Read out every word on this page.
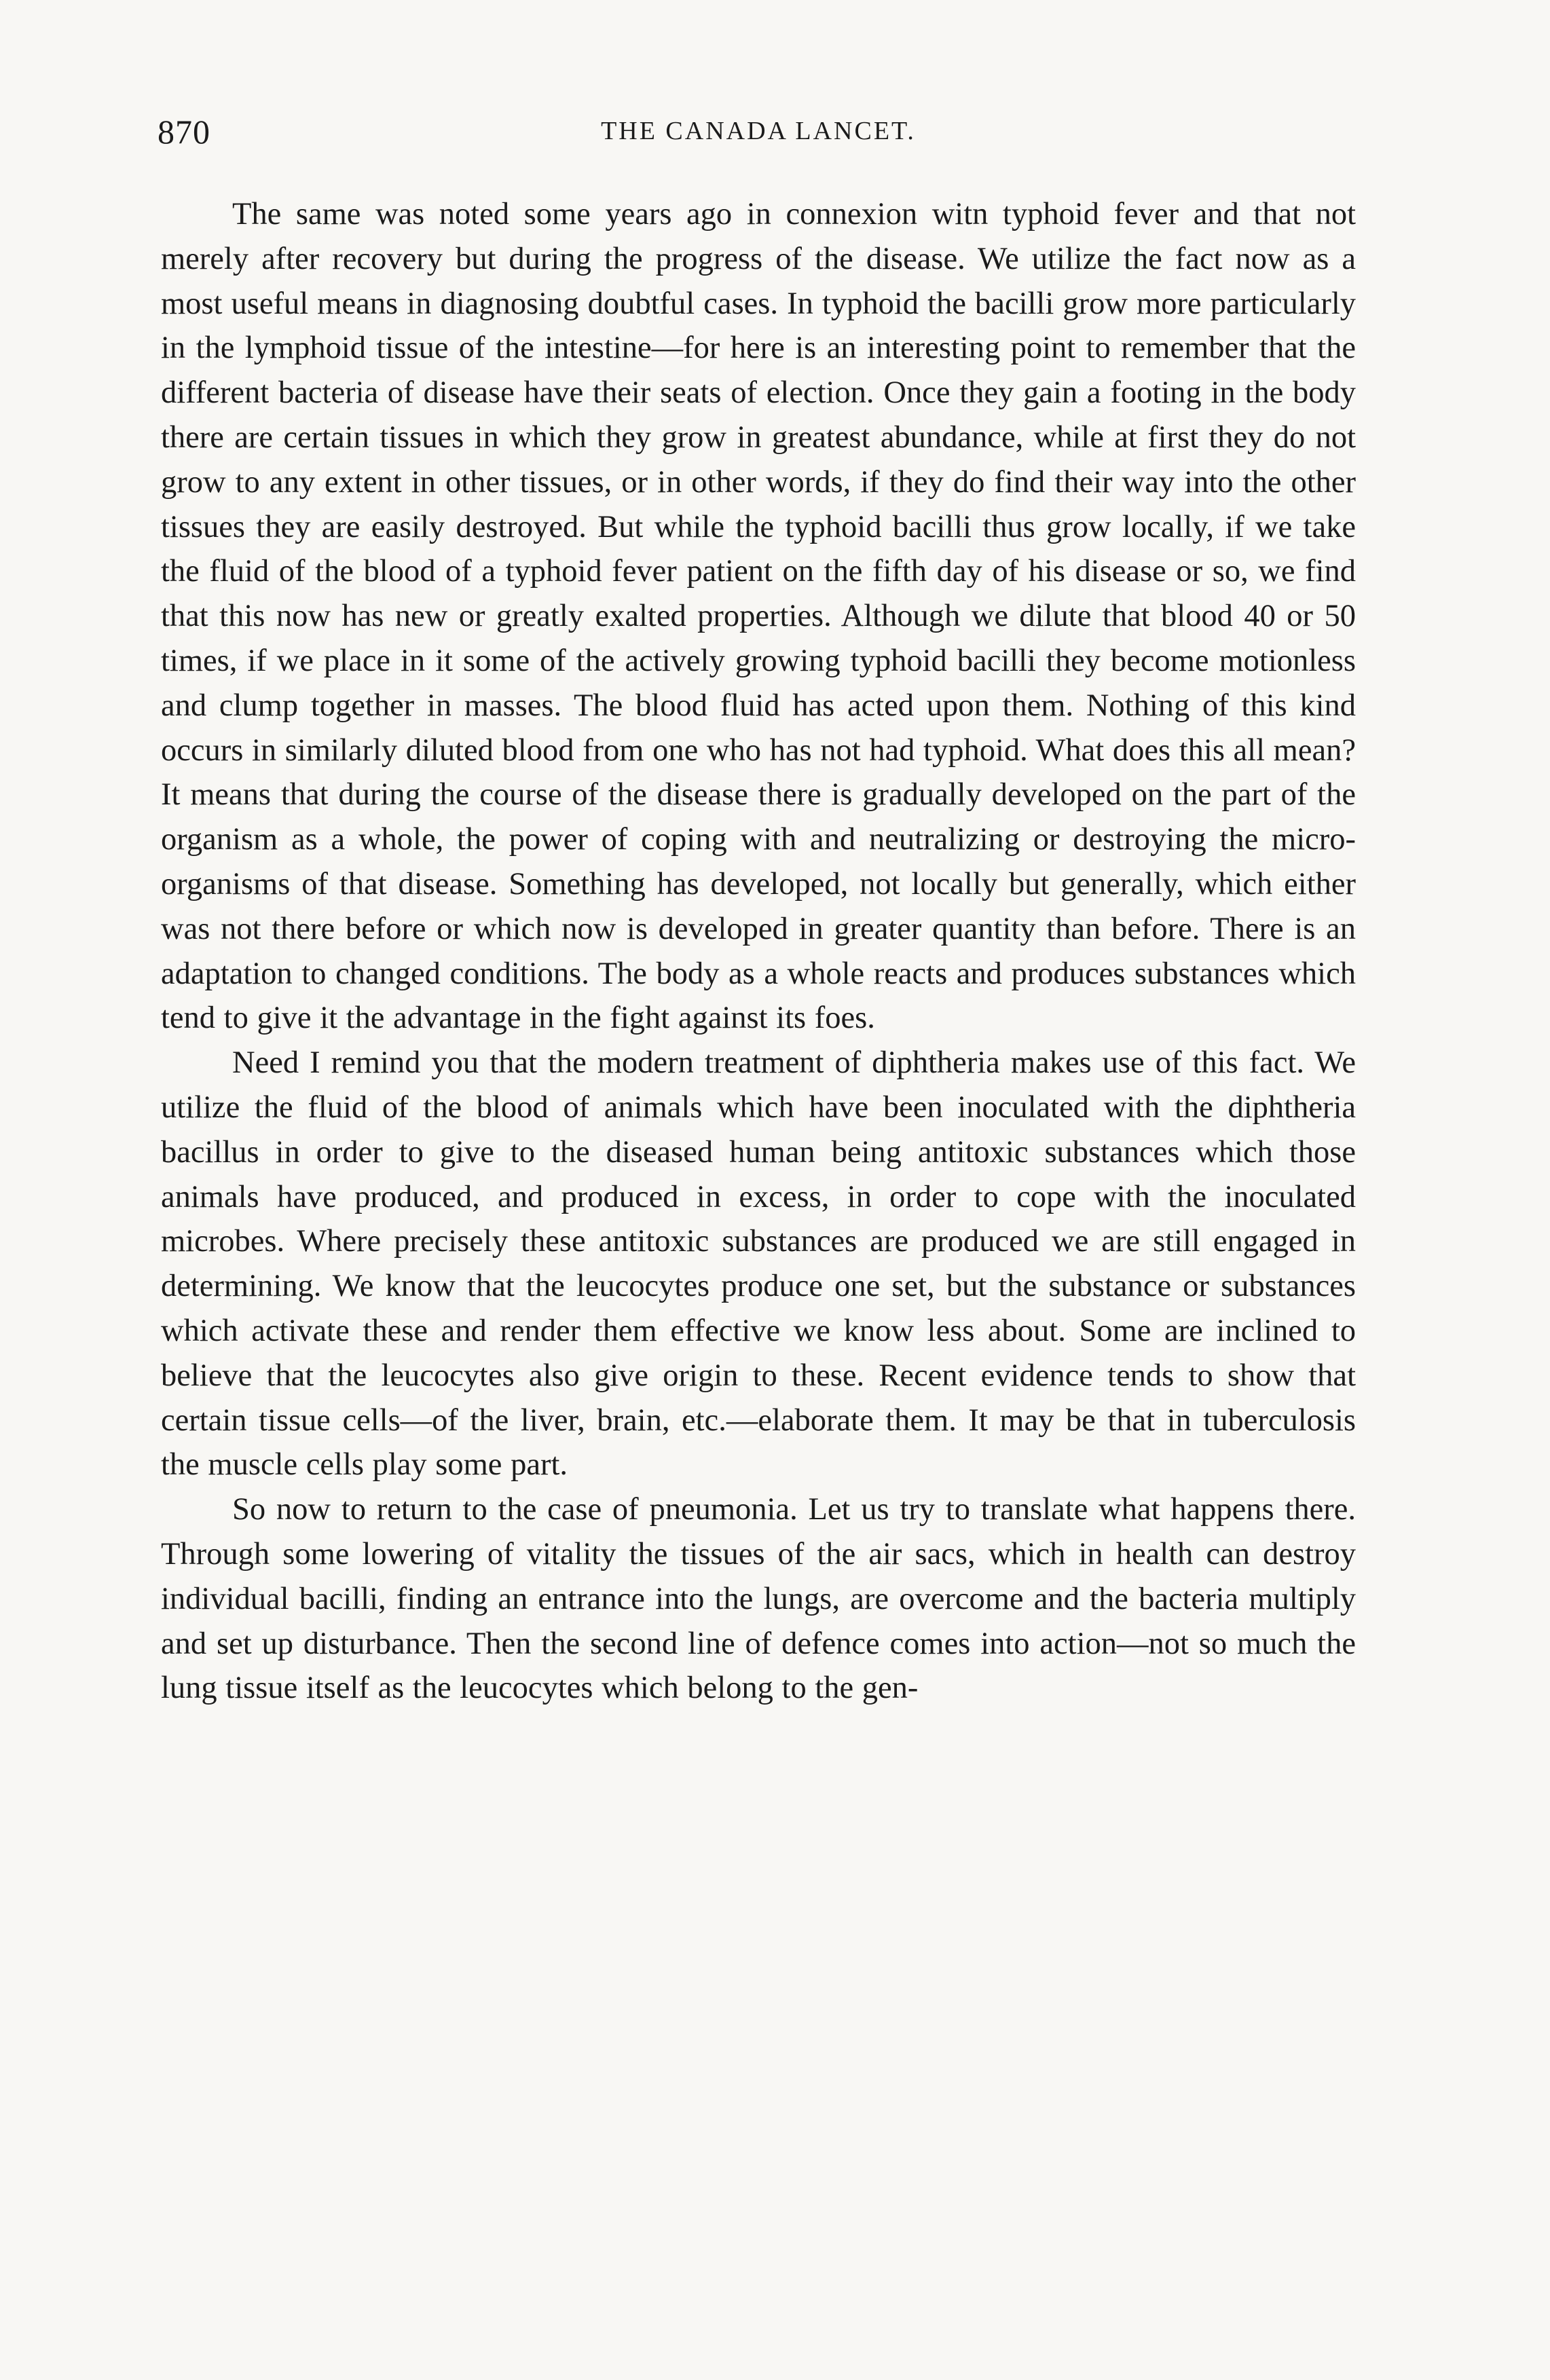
870	THE CANADA LANCET.

The same was noted some years ago in connexion witn typhoid fever and that not merely after recovery but during the progress of the disease. We utilize the fact now as a most useful means in diagnosing doubtful cases. In typhoid the bacilli grow more particularly in the lymphoid tissue of the intestine—for here is an interesting point to remember that the different bacteria of disease have their seats of election. Once they gain a footing in the body there are certain tissues in which they grow in greatest abundance, while at first they do not grow to any extent in other tissues, or in other words, if they do find their way into the other tissues they are easily destroyed. But while the typhoid bacilli thus grow locally, if we take the fluid of the blood of a typhoid fever patient on the fifth day of his disease or so, we find that this now has new or greatly exalted properties. Although we dilute that blood 40 or 50 times, if we place in it some of the actively growing typhoid bacilli they become motionless and clump together in masses. The blood fluid has acted upon them. Nothing of this kind occurs in similarly diluted blood from one who has not had typhoid. What does this all mean? It means that during the course of the disease there is gradually developed on the part of the organism as a whole, the power of coping with and neutralizing or destroying the micro-organisms of that disease. Something has developed, not locally but generally, which either was not there before or which now is developed in greater quantity than before. There is an adaptation to changed conditions. The body as a whole reacts and produces substances which tend to give it the advantage in the fight against its foes.

Need I remind you that the modern treatment of diphtheria makes use of this fact. We utilize the fluid of the blood of animals which have been inoculated with the diphtheria bacillus in order to give to the diseased human being antitoxic substances which those animals have produced, and produced in excess, in order to cope with the inoculated microbes. Where precisely these antitoxic substances are produced we are still engaged in determining. We know that the leucocytes produce one set, but the substance or substances which activate these and render them effective we know less about. Some are inclined to believe that the leucocytes also give origin to these. Recent evidence tends to show that certain tissue cells—of the liver, brain, etc.—elaborate them. It may be that in tuberculosis the muscle cells play some part.

So now to return to the case of pneumonia. Let us try to translate what happens there. Through some lowering of vitality the tissues of the air sacs, which in health can destroy individual bacilli, finding an entrance into the lungs, are overcome and the bacteria multiply and set up disturbance. Then the second line of defence comes into action—not so much the lung tissue itself as the leucocytes which belong to the gen-
